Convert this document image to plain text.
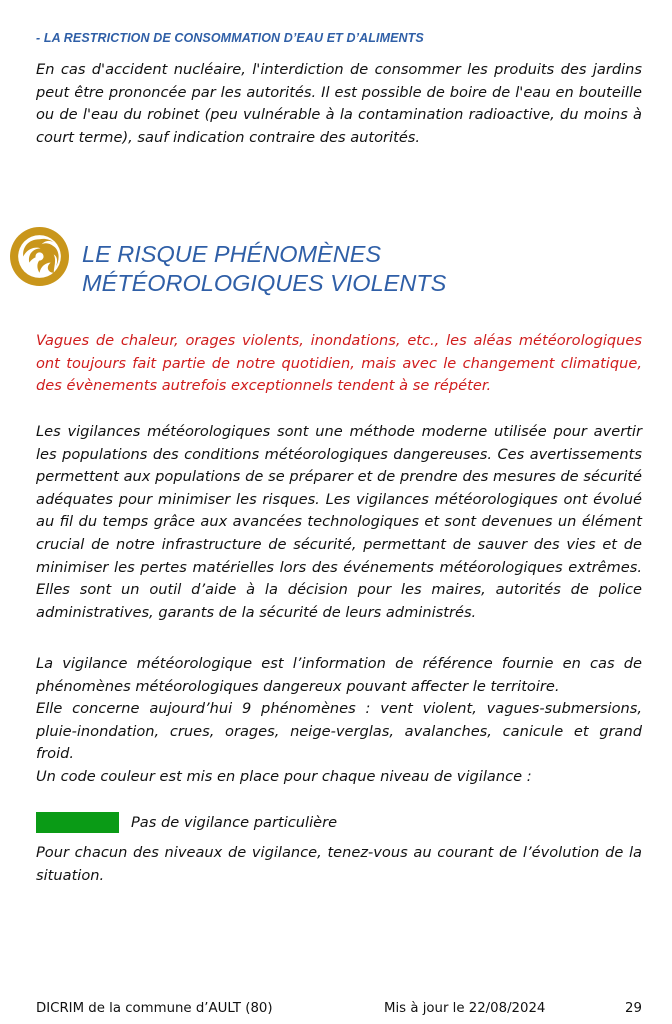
- LA RESTRICTION DE CONSOMMATION D’EAU ET D’ALIMENTS

En cas d'accident nucléaire, l'interdiction de consommer les produits des jardins peut être prononcée par les autorités. Il est possible de boire de l'eau en bouteille ou de l'eau du robinet (peu vulnérable à la contamination radioactive, du moins à court terme), sauf indication contraire des autorités.

LE RISQUE PHÉNOMÈNES
MÉTÉOROLOGIQUES VIOLENTS

Vagues de chaleur, orages violents, inondations, etc., les aléas météorologiques ont toujours fait partie de notre quotidien, mais avec le changement climatique, des évènements autrefois exceptionnels tendent à se répéter.

Les vigilances météorologiques sont une méthode moderne utilisée pour avertir les populations des conditions météorologiques dangereuses. Ces avertissements permettent aux populations de se préparer et de prendre des mesures de sécurité adéquates pour minimiser les risques. Les vigilances météorologiques ont évolué au fil du temps grâce aux avancées technologiques et sont devenues un élément crucial de notre infrastructure de sécurité, permettant de sauver des vies et de minimiser les pertes matérielles lors des événements météorologiques extrêmes. Elles sont un outil d’aide à la décision pour les maires, autorités de police administratives, garants de la sécurité de leurs administrés.

La vigilance météorologique est l’information de référence fournie en cas de phénomènes météorologiques dangereux pouvant affecter le territoire.

Elle concerne aujourd’hui 9 phénomènes : vent violent, vagues-submersions, pluie-inondation, crues, orages, neige-verglas, avalanches, canicule et grand froid.

Un code couleur est mis en place pour chaque niveau de vigilance :

Pas de vigilance particulière

Pour chacun des niveaux de vigilance, tenez-vous au courant de l’évolution de la situation.

DICRIM de la commune d’AULT (80)	Mis à jour le 22/08/2024	29
